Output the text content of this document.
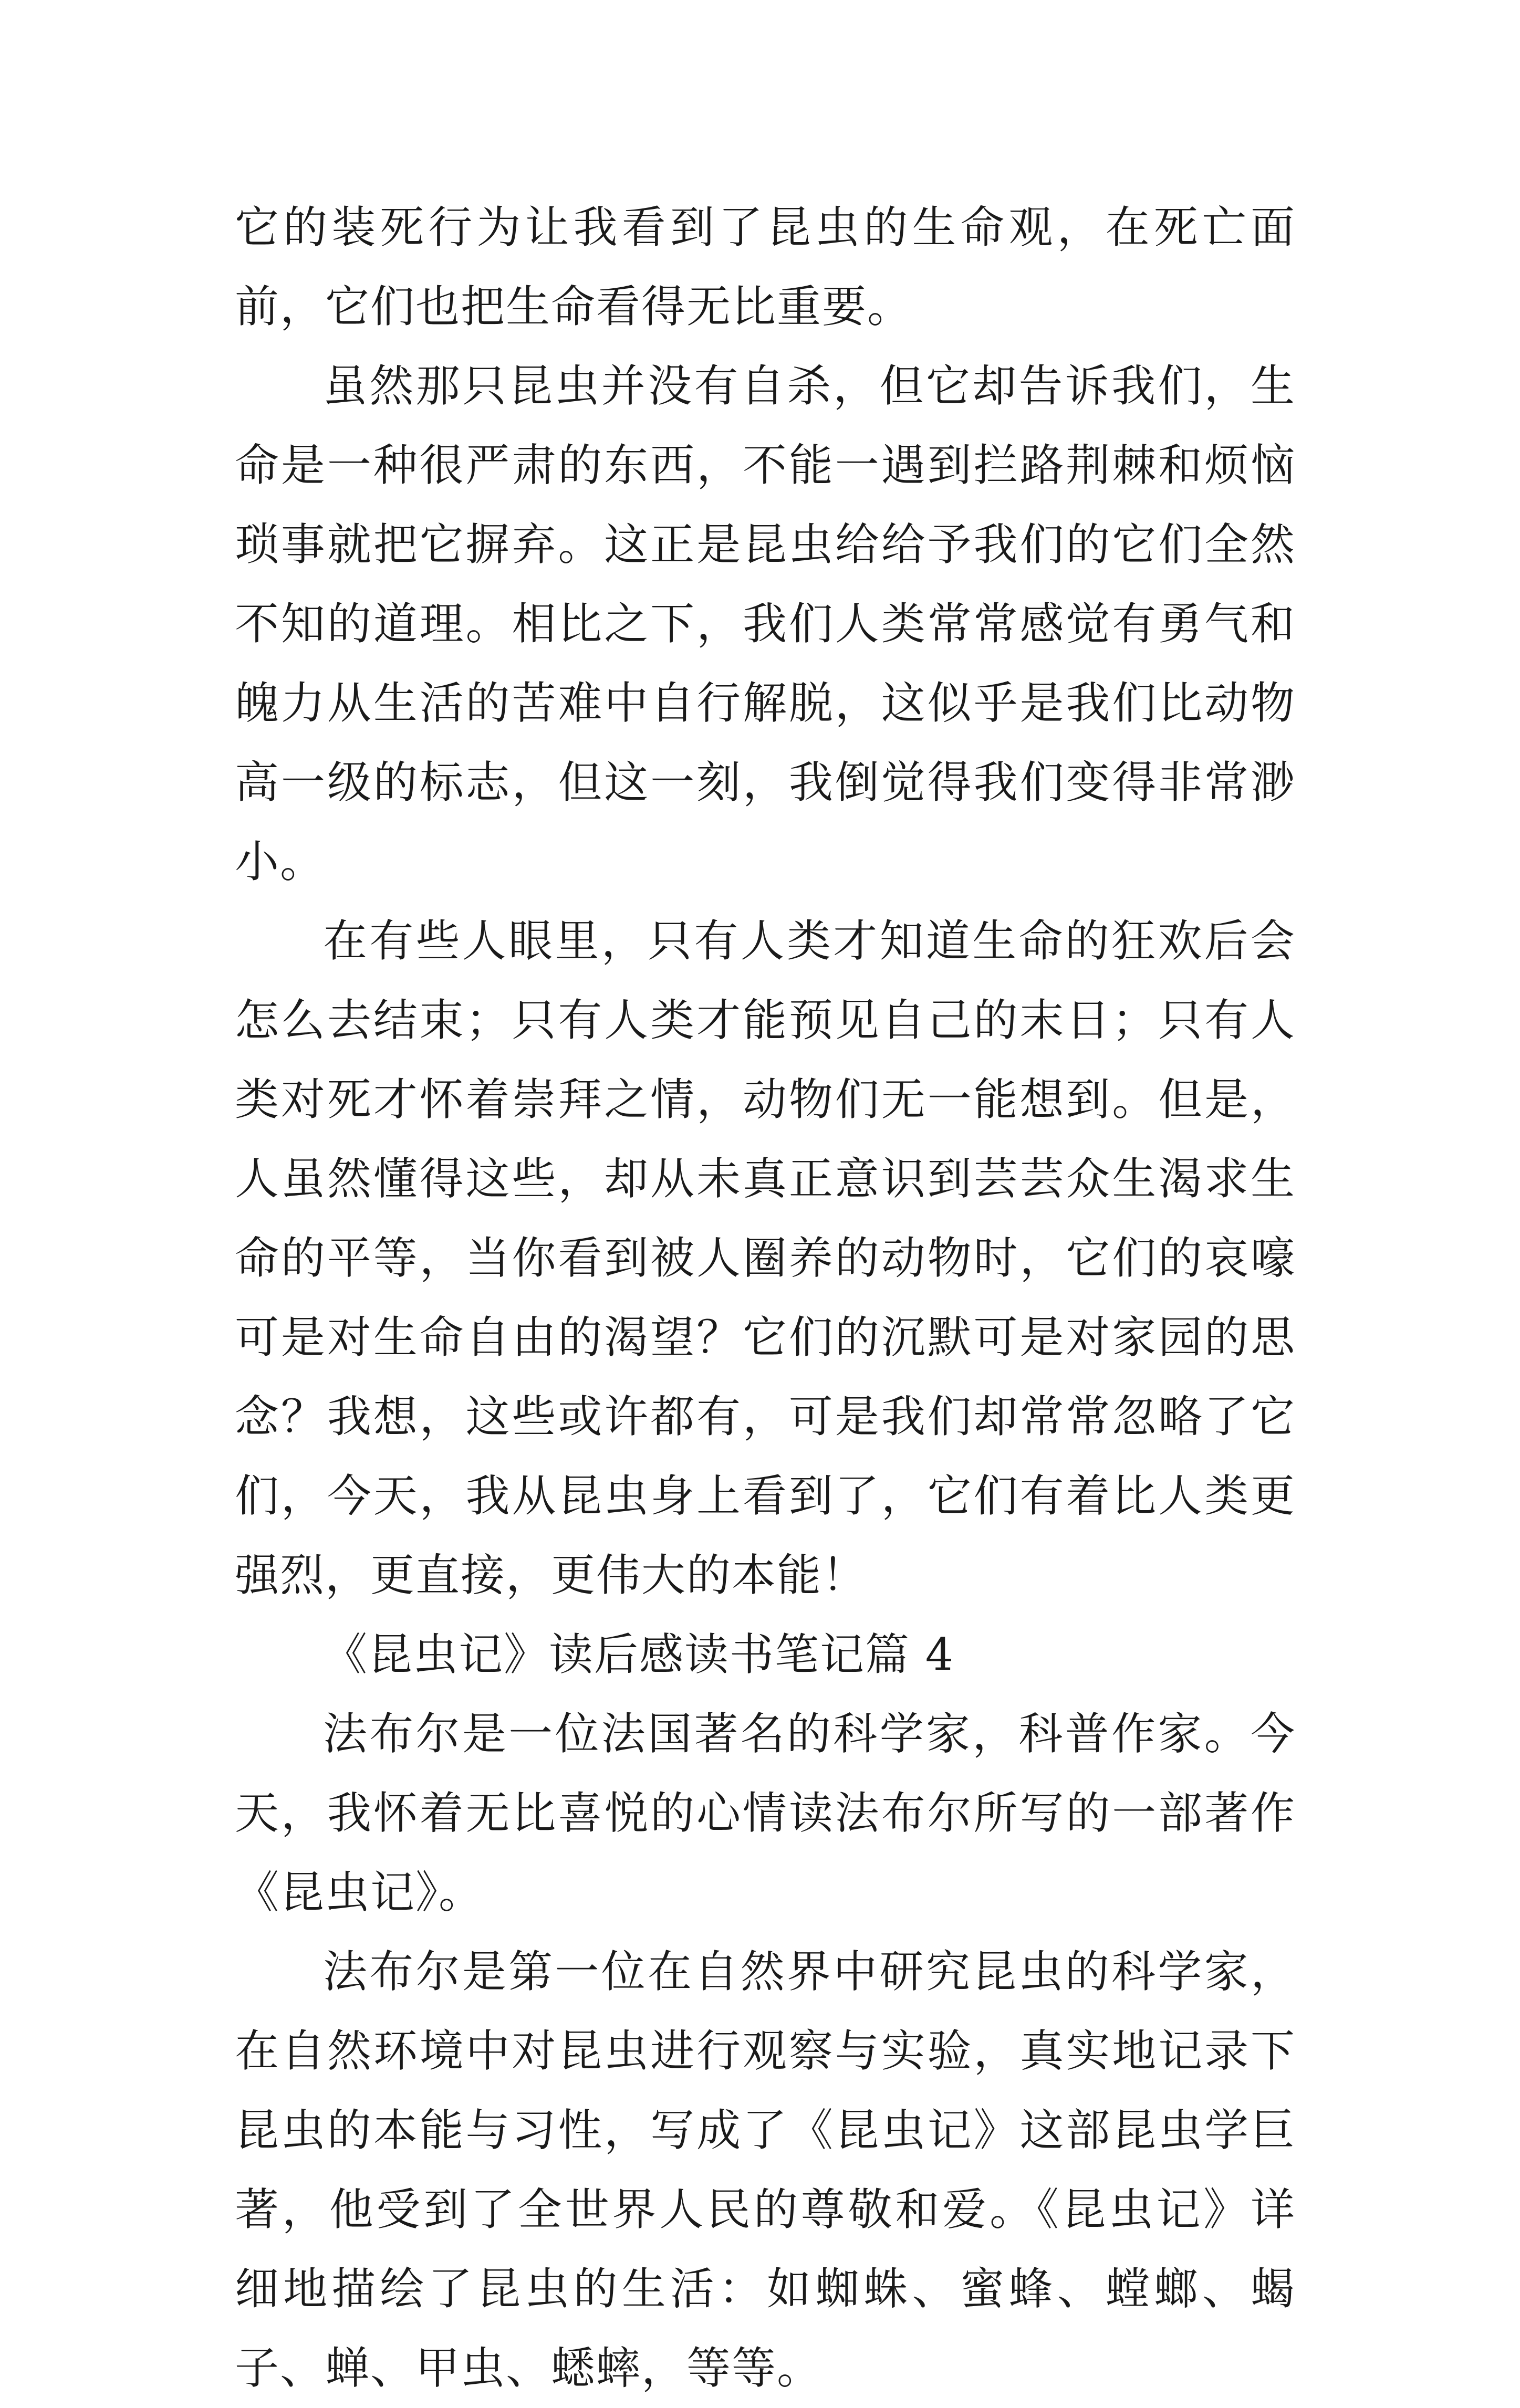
它的装死行为让我看到了昆虫的生命观，在死亡面前，它们也把生命看得无比重要。

虽然那只昆虫并没有自杀，但它却告诉我们，生命是一种很严肃的东西，不能一遇到拦路荆棘和烦恼琐事就把它摒弃。这正是昆虫给给予我们的它们全然不知的道理。相比之下，我们人类常常感觉有勇气和魄力从生活的苦难中自行解脱，这似乎是我们比动物高一级的标志，但这一刻，我倒觉得我们变得非常渺小。

在有些人眼里，只有人类才知道生命的狂欢后会怎么去结束；只有人类才能预见自己的末日；只有人类对死才怀着崇拜之情，动物们无一能想到。但是，人虽然懂得这些，却从未真正意识到芸芸众生渴求生命的平等，当你看到被人圈养的动物时，它们的哀嚎可是对生命自由的渴望？它们的沉默可是对家园的思念？我想，这些或许都有，可是我们却常常忽略了它们，今天，我从昆虫身上看到了，它们有着比人类更强烈，更直接，更伟大的本能！

《昆虫记》读后感读书笔记篇 4

法布尔是一位法国著名的科学家，科普作家。今天，我怀着无比喜悦的心情读法布尔所写的一部著作《昆虫记》。

法布尔是第一位在自然界中研究昆虫的科学家，在自然环境中对昆虫进行观察与实验，真实地记录下昆虫的本能与习性，写成了《昆虫记》这部昆虫学巨著，他受到了全世界人民的尊敬和爱。《昆虫记》详细地描绘了昆虫的生活：如蜘蛛、蜜蜂、螳螂、蝎子、蝉、甲虫、蟋蟀，等等。
